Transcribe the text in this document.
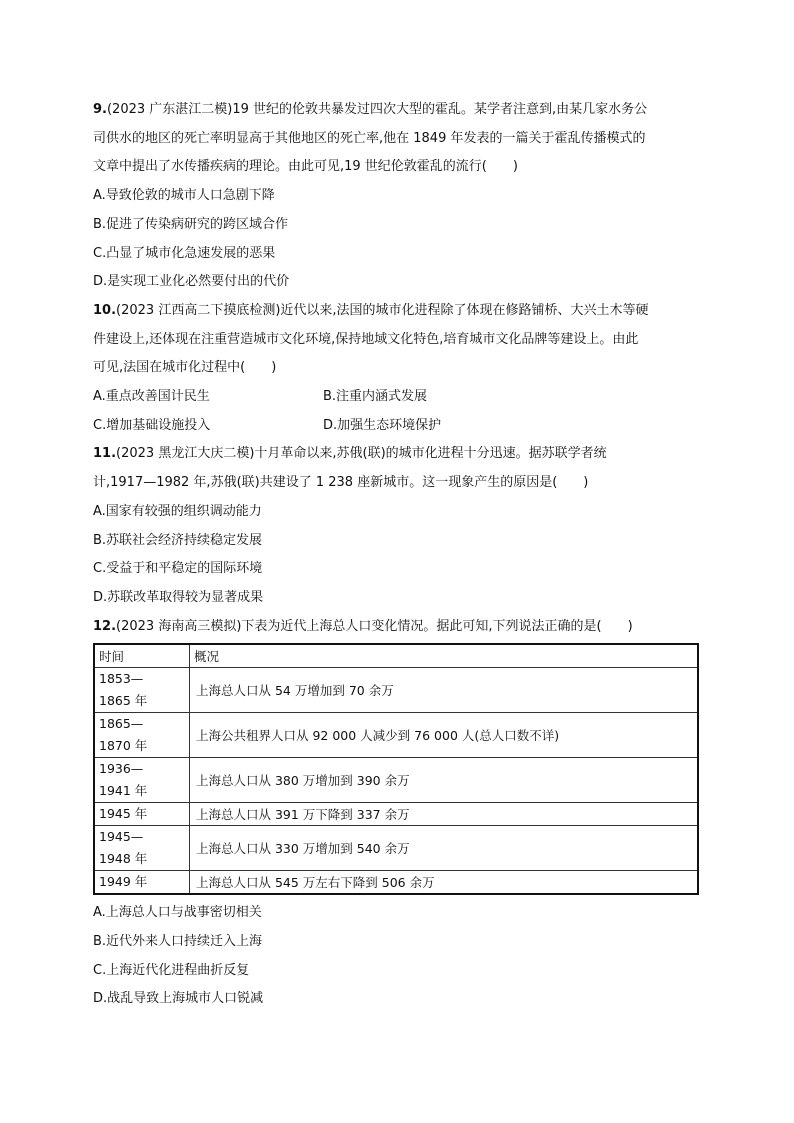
9.(2023 广东湛江二模)19 世纪的伦敦共暴发过四次大型的霍乱。某学者注意到,由某几家水务公
司供水的地区的死亡率明显高于其他地区的死亡率,他在 1849 年发表的一篇关于霍乱传播模式的
文章中提出了水传播疾病的理论。由此可见,19 世纪伦敦霍乱的流行(　　)
A.导致伦敦的城市人口急剧下降
B.促进了传染病研究的跨区域合作
C.凸显了城市化急速发展的恶果
D.是实现工业化必然要付出的代价
10.(2023 江西高二下摸底检测)近代以来,法国的城市化进程除了体现在修路铺桥、大兴土木等硬
件建设上,还体现在注重营造城市文化环境,保持地域文化特色,培育城市文化品牌等建设上。由此
可见,法国在城市化过程中(　　)
A.重点改善国计民生	B.注重内涵式发展
C.增加基础设施投入	D.加强生态环境保护
11.(2023 黑龙江大庆二模)十月革命以来,苏俄(联)的城市化进程十分迅速。据苏联学者统
计,1917—1982 年,苏俄(联)共建设了 1 238 座新城市。这一现象产生的原因是(　　)
A.国家有较强的组织调动能力
B.苏联社会经济持续稳定发展
C.受益于和平稳定的国际环境
D.苏联改革取得较为显著成果
12.(2023 海南高三模拟)下表为近代上海总人口变化情况。据此可知,下列说法正确的是(　　)
时间	概况

1853—
1865 年	上海总人口从 54 万增加到 70 余万

1865—
1870 年	上海公共租界人口从 92 000 人减少到 76 000 人(总人口数不详)

1936—
1941 年	上海总人口从 380 万增加到 390 余万
1945 年	上海总人口从 391 万下降到 337 余万

1945—
1948 年	上海总人口从 330 万增加到 540 余万
1949 年	上海总人口从 545 万左右下降到 506 余万
A.上海总人口与战事密切相关
B.近代外来人口持续迁入上海
C.上海近代化进程曲折反复
D.战乱导致上海城市人口锐减
